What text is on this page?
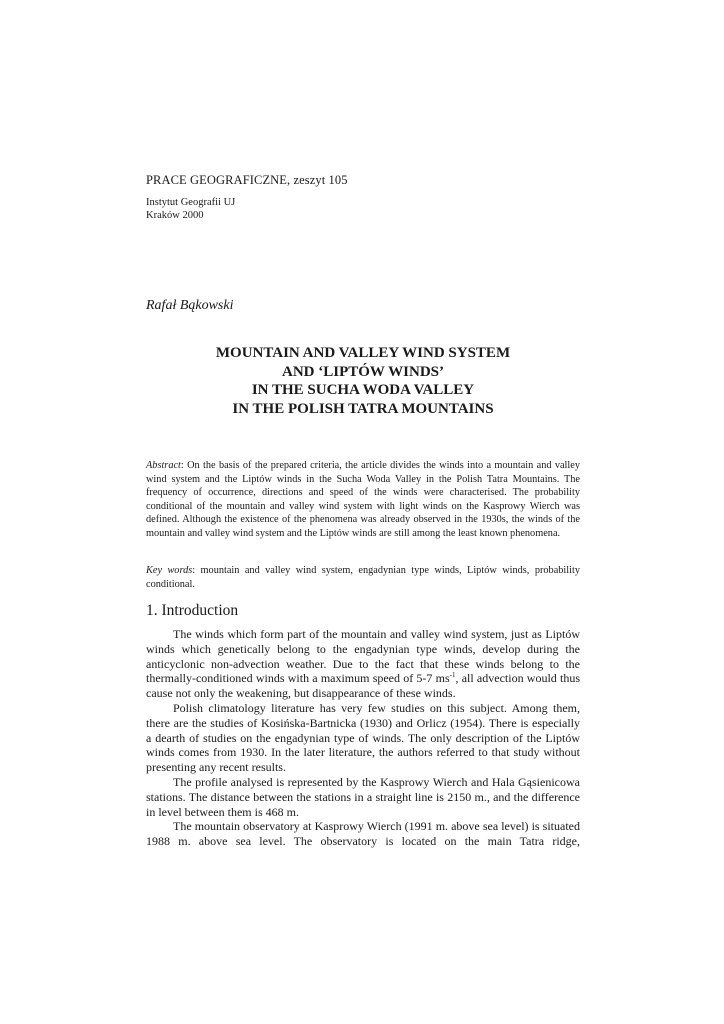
PRACE GEOGRAFICZNE, zeszyt 105
Instytut Geografii UJ
Kraków 2000
Rafał Bąkowski
MOUNTAIN AND VALLEY WIND SYSTEM
AND ‘LIPTÓW WINDS’
IN THE SUCHA WODA VALLEY
IN THE POLISH TATRA MOUNTAINS
Abstract: On the basis of the prepared criteria, the article divides the winds into a mountain and valley wind system and the Liptów winds in the Sucha Woda Valley in the Polish Tatra Mountains. The frequency of occurrence, directions and speed of the winds were characterised. The probability conditional of the mountain and valley wind system with light winds on the Kasprowy Wierch was defined. Although the existence of the phenomena was already observed in the 1930s, the winds of the mountain and valley wind system and the Liptów winds are still among the least known phenomena.
Key words: mountain and valley wind system, engadynian type winds, Liptów winds, probability conditional.
1. Introduction

The winds which form part of the mountain and valley wind system, just as Liptów winds which genetically belong to the engadynian type winds, develop during the anticyclonic non-advection weather. Due to the fact that these winds belong to the thermally-conditioned winds with a maximum speed of 5-7 $ms^{-1}$, all advection would thus cause not only the weakening, but disappearance of these winds.

Polish climatology literature has very few studies on this subject. Among them, there are the studies of Kosińska-Bartnicka (1930) and Orlicz (1954). There is especially a dearth of studies on the engadynian type of winds. The only description of the Liptów winds comes from 1930. In the later literature, the authors referred to that study without presenting any recent results.

The profile analysed is represented by the Kasprowy Wierch and Hala Gąsienicowa stations. The distance between the stations in a straight line is 2150 m., and the difference in level between them is 468 m.

The mountain observatory at Kasprowy Wierch (1991 m. above sea level) is situated 1988 m. above sea level. The observatory is located on the main Tatra ridge,
